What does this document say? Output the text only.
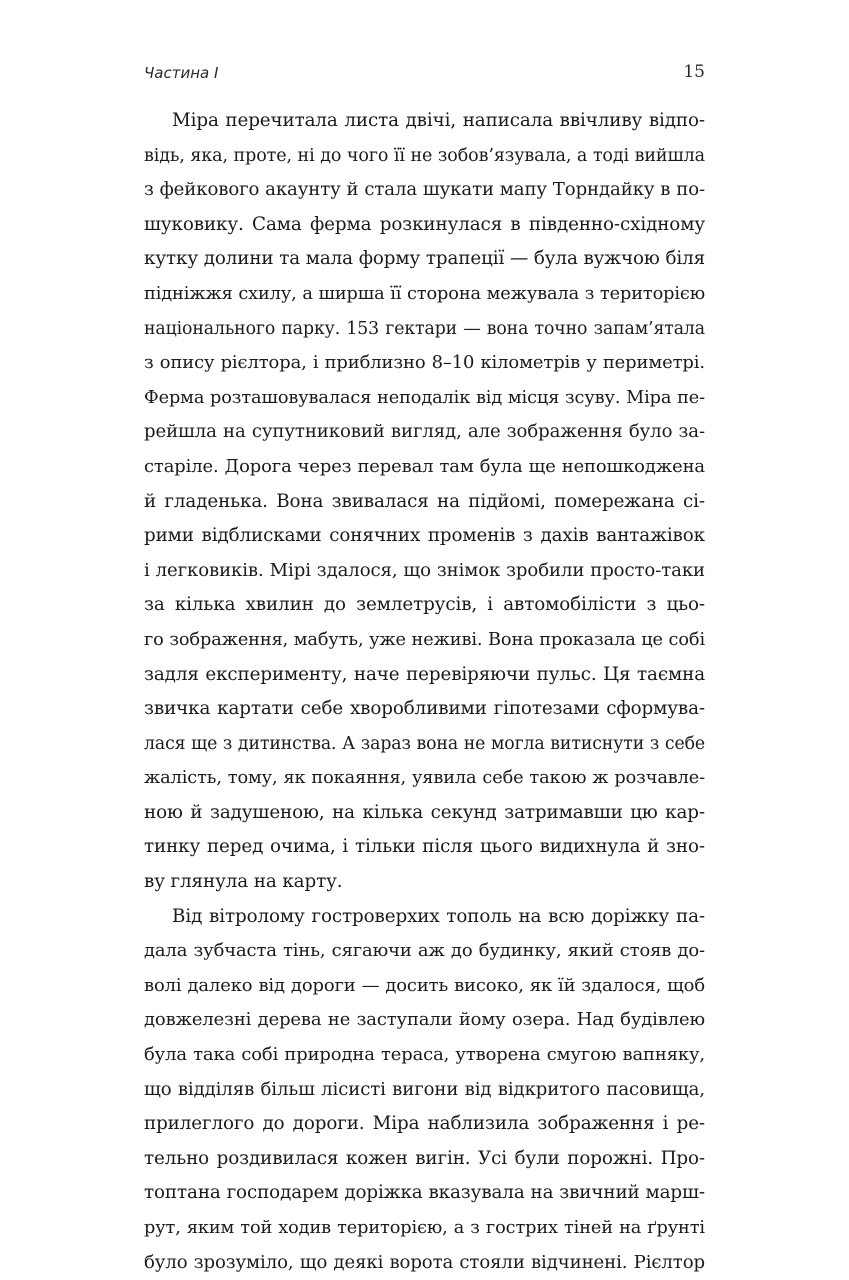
Частина I	15
Міра перечитала листа двічі, написала ввічливу відпо-
відь, яка, проте, ні до чого її не зобов’язувала, а тоді вийшла
з фейкового акаунту й стала шукати мапу Торндайку в по-
шуковику. Сама ферма розкинулася в південно-східному
кутку долини та мала форму трапеції — була вужчою біля
підніжжя схилу, а ширша її сторона межувала з територією
національного парку. 153 гектари — вона точно запам’ятала
з опису рієлтора, і приблизно 8–10 кілометрів у периметрі.
Ферма розташовувалася неподалік від місця зсуву. Міра пе-
рейшла на супутниковий вигляд, але зображення було за-
старіле. Дорога через перевал там була ще непошкоджена
й гладенька. Вона звивалася на підйомі, помережана сі-
рими відблисками сонячних променів з дахів вантажівок
і легковиків. Мірі здалося, що знімок зробили просто-таки
за кілька хвилин до землетрусів, і автомобілісти з цьо-
го зображення, мабуть, уже неживі. Вона проказала це собі
задля експерименту, наче перевіряючи пульс. Ця таємна
звичка картати себе хворобливими гіпотезами сформува-
лася ще з дитинства. А зараз вона не могла витиснути з себе
жалість, тому, як покаяння, уявила себе такою ж розчавле-
ною й задушеною, на кілька секунд затримавши цю кар-
тинку перед очима, і тільки після цього видихнула й зно-
ву глянула на карту.
Від вітролому гостроверхих тополь на всю доріжку па-
дала зубчаста тінь, сягаючи аж до будинку, який стояв до-
волі далеко від дороги — досить високо, як їй здалося, щоб
довжелезні дерева не заступали йому озера. Над будівлею
була така собі природна тераса, утворена смугою вапняку,
що відділяв більш лісисті вигони від відкритого пасовища,
прилеглого до дороги. Міра наблизила зображення і ре-
тельно роздивилася кожен вигін. Усі були порожні. Про-
топтана господарем доріжка вказувала на звичний марш-
рут, яким той ходив територією, а з гострих тіней на ґрунті
було зрозуміло, що деякі ворота стояли відчинені. Рієлтор
